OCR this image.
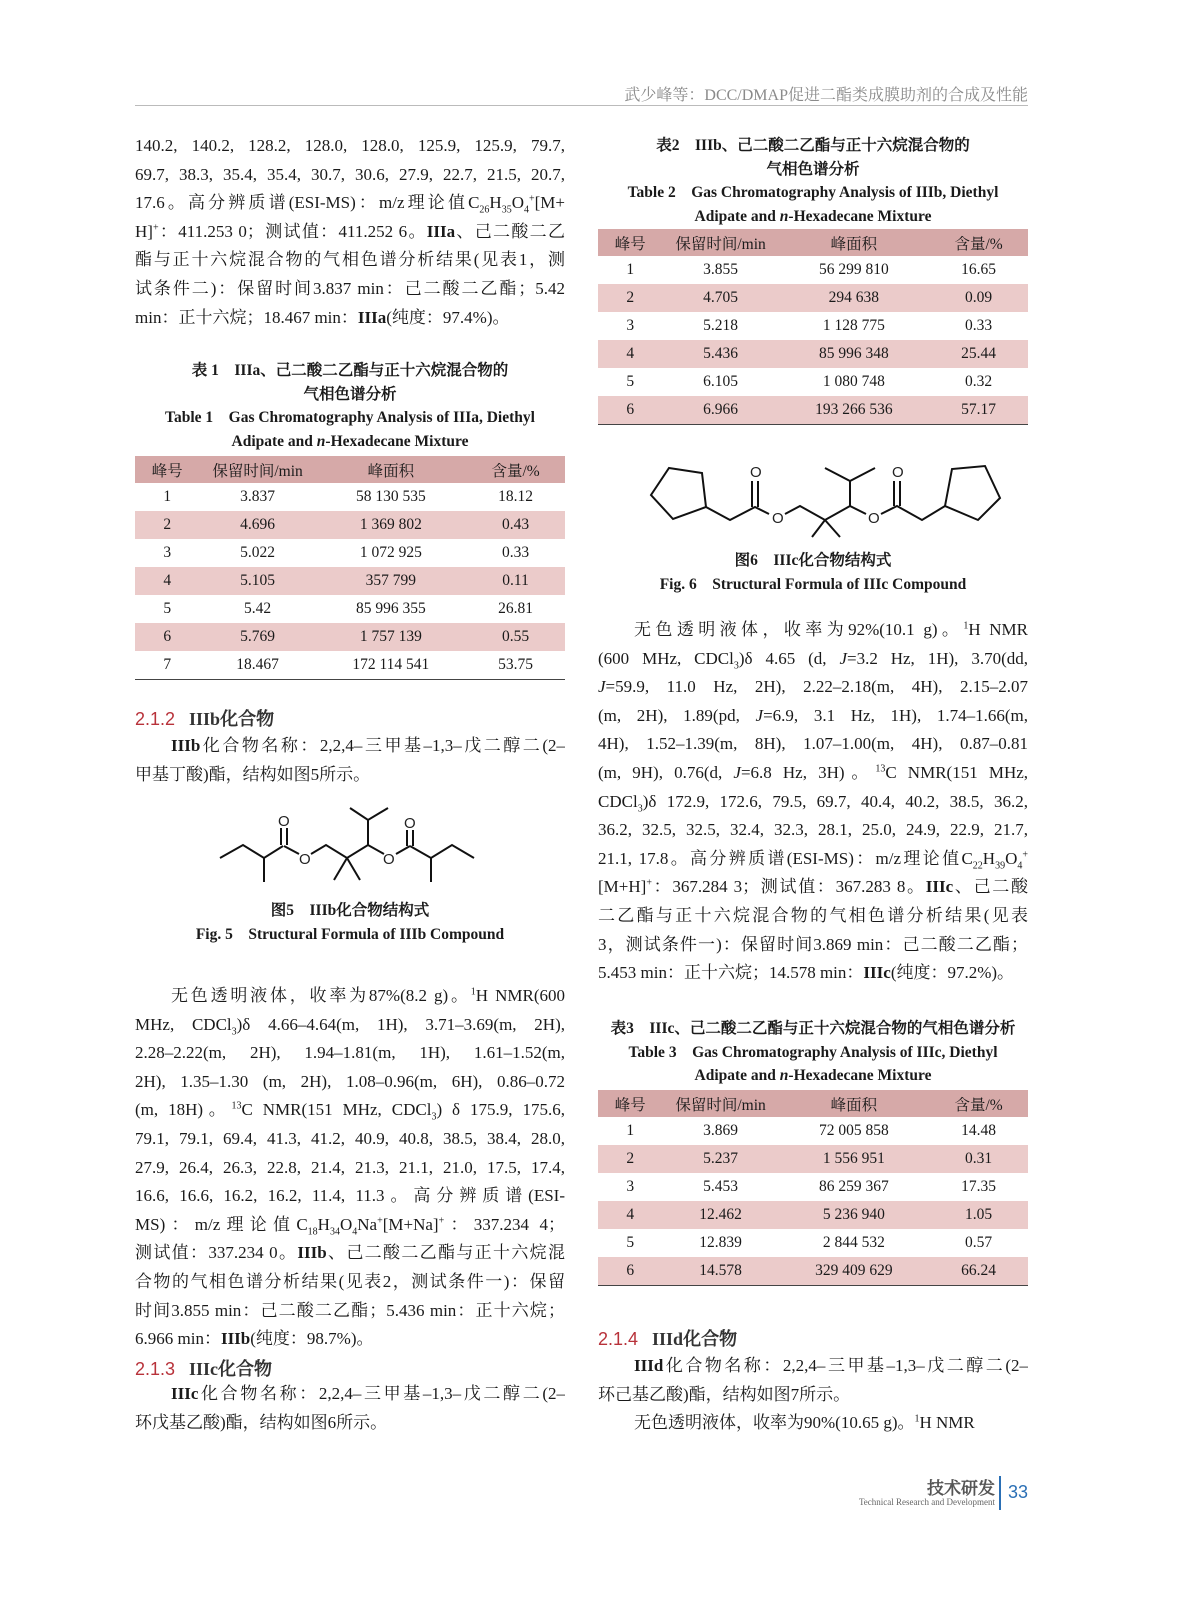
武少峰等：DCC/DMAP促进二酯类成膜助剂的合成及性能
140.2, 140.2, 128.2, 128.0, 128.0, 125.9, 125.9, 79.7,
69.7, 38.3, 35.4, 35.4, 30.7, 30.6, 27.9, 22.7, 21.5, 20.7,
17.6。高分辨质谱(ESI-MS)：m/z理论值$C_{26}H_{35}O_4^+[M+$
H]+：411.253 0；测试值：411.252 6。IIIa、己二酸二乙
酯与正十六烷混合物的气相色谱分析结果(见表1，测
试条件二)：保留时间3.837 min：己二酸二乙酯；5.42
min：正十六烷；18.467 min：IIIa(纯度：97.4%)。
表 1　IIIa、己二酸二乙酯与正十六烷混合物的
气相色谱分析
Table 1　Gas Chromatography Analysis of IIIa, Diethyl
Adipate and n-Hexadecane Mixture
峰号	保留时间/min	峰面积	含量/%
1	3.837	58 130 535	18.12
2	4.696	1 369 802	0.43
3	5.022	1 072 925	0.33
4	5.105	357 799	0.11
5	5.42	85 996 355	26.81
6	5.769	1 757 139	0.55
7	18.467	172 114 541	53.75
2.1.2 IIIb化合物
IIIb化合物名称：2,2,4–三甲基–1,3–戊二醇二(2–
甲基丁酸)酯，结构如图5所示。
O
O	O
O
图5　IIIb化合物结构式
Fig. 5　Structural Formula of IIIb Compound
无色透明液体，收率为87%(8.2 g)。$^1$H NMR(600
MHz, CDCl$_3$)δ 4.66–4.64(m, 1H), 3.71–3.69(m, 2H),
2.28–2.22(m, 2H), 1.94–1.81(m, 1H), 1.61–1.52(m,
2H), 1.35–1.30 (m, 2H), 1.08–0.96(m, 6H), 0.86–0.72
(m, 18H)。$^{13}$C NMR(151 MHz, CDCl$_3$) δ 175.9, 175.6,
79.1, 79.1, 69.4, 41.3, 41.2, 40.9, 40.8, 38.5, 38.4, 28.0,
27.9, 26.4, 26.3, 22.8, 21.4, 21.3, 21.1, 21.0, 17.5, 17.4,
16.6, 16.6, 16.2, 16.2, 11.4, 11.3。高分辨质谱(ESI-
MS)：m/z理论值$C_{18}H_{34}O_4Na^+[M+Na]^+$：337.234 4；
测试值：337.234 0。IIIb、己二酸二乙酯与正十六烷混
合物的气相色谱分析结果(见表2，测试条件一)：保留
时间3.855 min：己二酸二乙酯；5.436 min：正十六烷；
6.966 min：IIIb(纯度：98.7%)。
2.1.3 IIIc化合物
IIIc化合物名称：2,2,4–三甲基–1,3–戊二醇二(2–
环戊基乙酸)酯，结构如图6所示。
表2　IIIb、己二酸二乙酯与正十六烷混合物的
气相色谱分析
Table 2　Gas Chromatography Analysis of IIIb, Diethyl
Adipate and n-Hexadecane Mixture
峰号	保留时间/min	峰面积	含量/%
1	3.855	56 299 810	16.65
2	4.705	294 638	0.09
3	5.218	1 128 775	0.33
4	5.436	85 996 348	25.44
5	6.105	1 080 748	0.32
6	6.966	193 266 536	57.17
O
O	O
O
图6　IIIc化合物结构式
Fig. 6　Structural Formula of IIIc Compound
无色透明液体，收率为92%(10.1 g)。$^1$H NMR
(600 MHz, CDCl$_3$)δ 4.65 (d, J=3.2 Hz, 1H), 3.70(dd,
J=59.9, 11.0 Hz, 2H), 2.22–2.18(m, 4H), 2.15–2.07
(m, 2H), 1.89(pd, J=6.9, 3.1 Hz, 1H), 1.74–1.66(m,
4H), 1.52–1.39(m, 8H), 1.07–1.00(m, 4H), 0.87–0.81
(m, 9H), 0.76(d, J=6.8 Hz, 3H)。$^{13}$C NMR(151 MHz,
CDCl$_3$)δ 172.9, 172.6, 79.5, 69.7, 40.4, 40.2, 38.5, 36.2,
36.2, 32.5, 32.5, 32.4, 32.3, 28.1, 25.0, 24.9, 22.9, 21.7,
21.1, 17.8。高分辨质谱(ESI-MS)：m/z理论值$C_{22}H_{39}O_4^+$
[M+H]+：367.284 3；测试值：367.283 8。IIIc、己二酸
二乙酯与正十六烷混合物的气相色谱分析结果(见表
3，测试条件一)：保留时间3.869 min：己二酸二乙酯；
5.453 min：正十六烷；14.578 min：IIIc(纯度：97.2%)。
表3　IIIc、己二酸二乙酯与正十六烷混合物的气相色谱分析
Table 3　Gas Chromatography Analysis of IIIc, Diethyl
Adipate and n-Hexadecane Mixture
峰号	保留时间/min	峰面积	含量/%
1	3.869	72 005 858	14.48
2	5.237	1 556 951	0.31
3	5.453	86 259 367	17.35
4	12.462	5 236 940	1.05
5	12.839	2 844 532	0.57
6	14.578	329 409 629	66.24
2.1.4 IIId化合物
IIId化合物名称：2,2,4–三甲基–1,3–戊二醇二(2–
环己基乙酸)酯，结构如图7所示。
无色透明液体，收率为90%(10.65 g)。$^1$H NMR
技术研发
Technical Research and Development 33
